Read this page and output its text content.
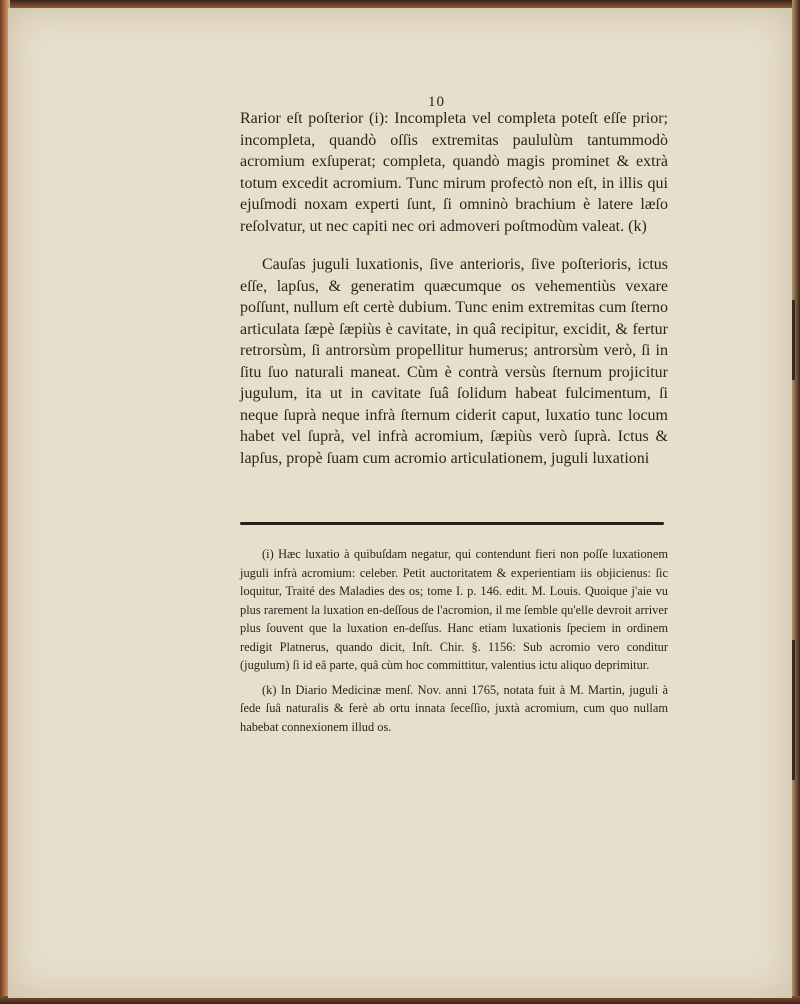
10

Rarior eſt poſterior (i): Incompleta vel completa poteſt eſſe prior; incompleta, quandò oſſis extremitas paululùm tantummodò acromium exſuperat; completa, quandò magis prominet & extrà totum excedit acromium. Tunc mirum profectò non eſt, in illis qui ejuſmodi noxam experti ſunt, ſi omninò brachium è latere læſo reſolvatur, ut nec capiti nec ori admoveri poſtmodùm valeat. (k)

Cauſas juguli luxationis, ſive anterioris, ſive poſterioris, ictus eſſe, lapſus, & generatim quæcumque os vehementiùs vexare poſſunt, nullum eſt certè dubium. Tunc enim extremitas cum ſterno articulata ſæpè ſæpiùs è cavitate, in quâ recipitur, excidit, & fertur retrorsùm, ſi antrorsùm propellitur humerus; antrorsùm verò, ſi in ſitu ſuo naturali maneat. Cùm è contrà versùs ſternum projicitur jugulum, ita ut in cavitate ſuâ ſolidum habeat fulcimentum, ſi neque ſuprà neque infrà ſternum ciderit caput, luxatio tunc locum habet vel ſuprà, vel infrà acromium, ſæpiùs verò ſuprà. Ictus & lapſus, propè ſuam cum acromio articulationem, juguli luxationi

(i) Hæc luxatio à quibuſdam negatur, qui contendunt fieri non poſſe luxationem juguli infrà acromium: celeber. Petit auctoritatem & experientiam iis objicienus: ſic loquitur, Traité des Maladies des os; tome I. p. 146. edit. M. Louis. Quoique j'aie vu plus rarement la luxation en-deſſous de l'acromion, il me ſemble qu'elle devroit arriver plus ſouvent que la luxation en-deſſus. Hanc etiam luxationis ſpeciem in ordinem redigit Platnerus, quando dicit, Inſt. Chir. §. 1156: Sub acromio vero conditur (jugulum) ſi id eâ parte, quâ cùm hoc committitur, valentius ictu aliquo deprimitur.

(k) In Diario Medicinæ menſ. Nov. anni 1765, notata fuit à M. Martin, juguli à ſede ſuâ naturalis & ferè ab ortu innata ſeceſſio, juxtà acromium, cum quo nullam habebat connexionem illud os.
